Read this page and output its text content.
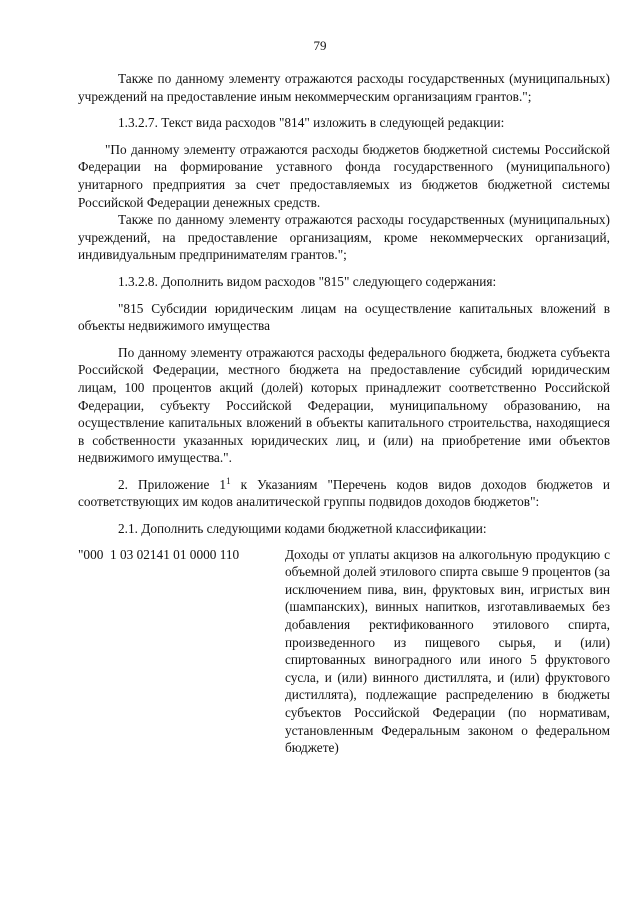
79

Также по данному элементу отражаются расходы государственных (муниципальных) учреждений на предоставление иным некоммерческим организациям грантов.";

1.3.2.7. Текст вида расходов "814" изложить в следующей редакции:

"По данному элементу отражаются расходы бюджетов бюджетной системы Российской Федерации на формирование уставного фонда государственного (муниципального) унитарного предприятия за счет предоставляемых из бюджетов бюджетной системы Российской Федерации денежных средств.

Также по данному элементу отражаются расходы государственных (муниципальных) учреждений, на предоставление организациям, кроме некоммерческих организаций, индивидуальным предпринимателям грантов.";

1.3.2.8. Дополнить видом расходов "815" следующего содержания:

"815 Субсидии юридическим лицам на осуществление капитальных вложений в объекты недвижимого имущества

По данному элементу отражаются расходы федерального бюджета, бюджета субъекта Российской Федерации, местного бюджета на предоставление субсидий юридическим лицам, 100 процентов акций (долей) которых принадлежит соответственно Российской Федерации, субъекту Российской Федерации, муниципальному образованию, на осуществление капитальных вложений в объекты капитального строительства, находящиеся в собственности указанных юридических лиц, и (или) на приобретение ими объектов недвижимого имущества.".

2. Приложение $1^1$ к Указаниям "Перечень кодов видов доходов бюджетов и соответствующих им кодов аналитической группы подвидов доходов бюджетов":

2.1. Дополнить следующими кодами бюджетной классификации:

"000  1 03 02141 01 0000 110	Доходы от уплаты акцизов на алкогольную продукцию с объемной долей этилового спирта свыше 9 процентов (за исключением пива, вин, фруктовых вин, игристых вин (шампанских), винных напитков, изготавливаемых без добавления ректификованного этилового спирта, произведенного из пищевого сырья, и (или) спиртованных виноградного или иного 5 фруктового сусла, и (или) винного дистиллята, и (или) фруктового дистиллята), подлежащие распределению в бюджеты субъектов Российской Федерации (по нормативам, установленным Федеральным законом о федеральном бюджете)
